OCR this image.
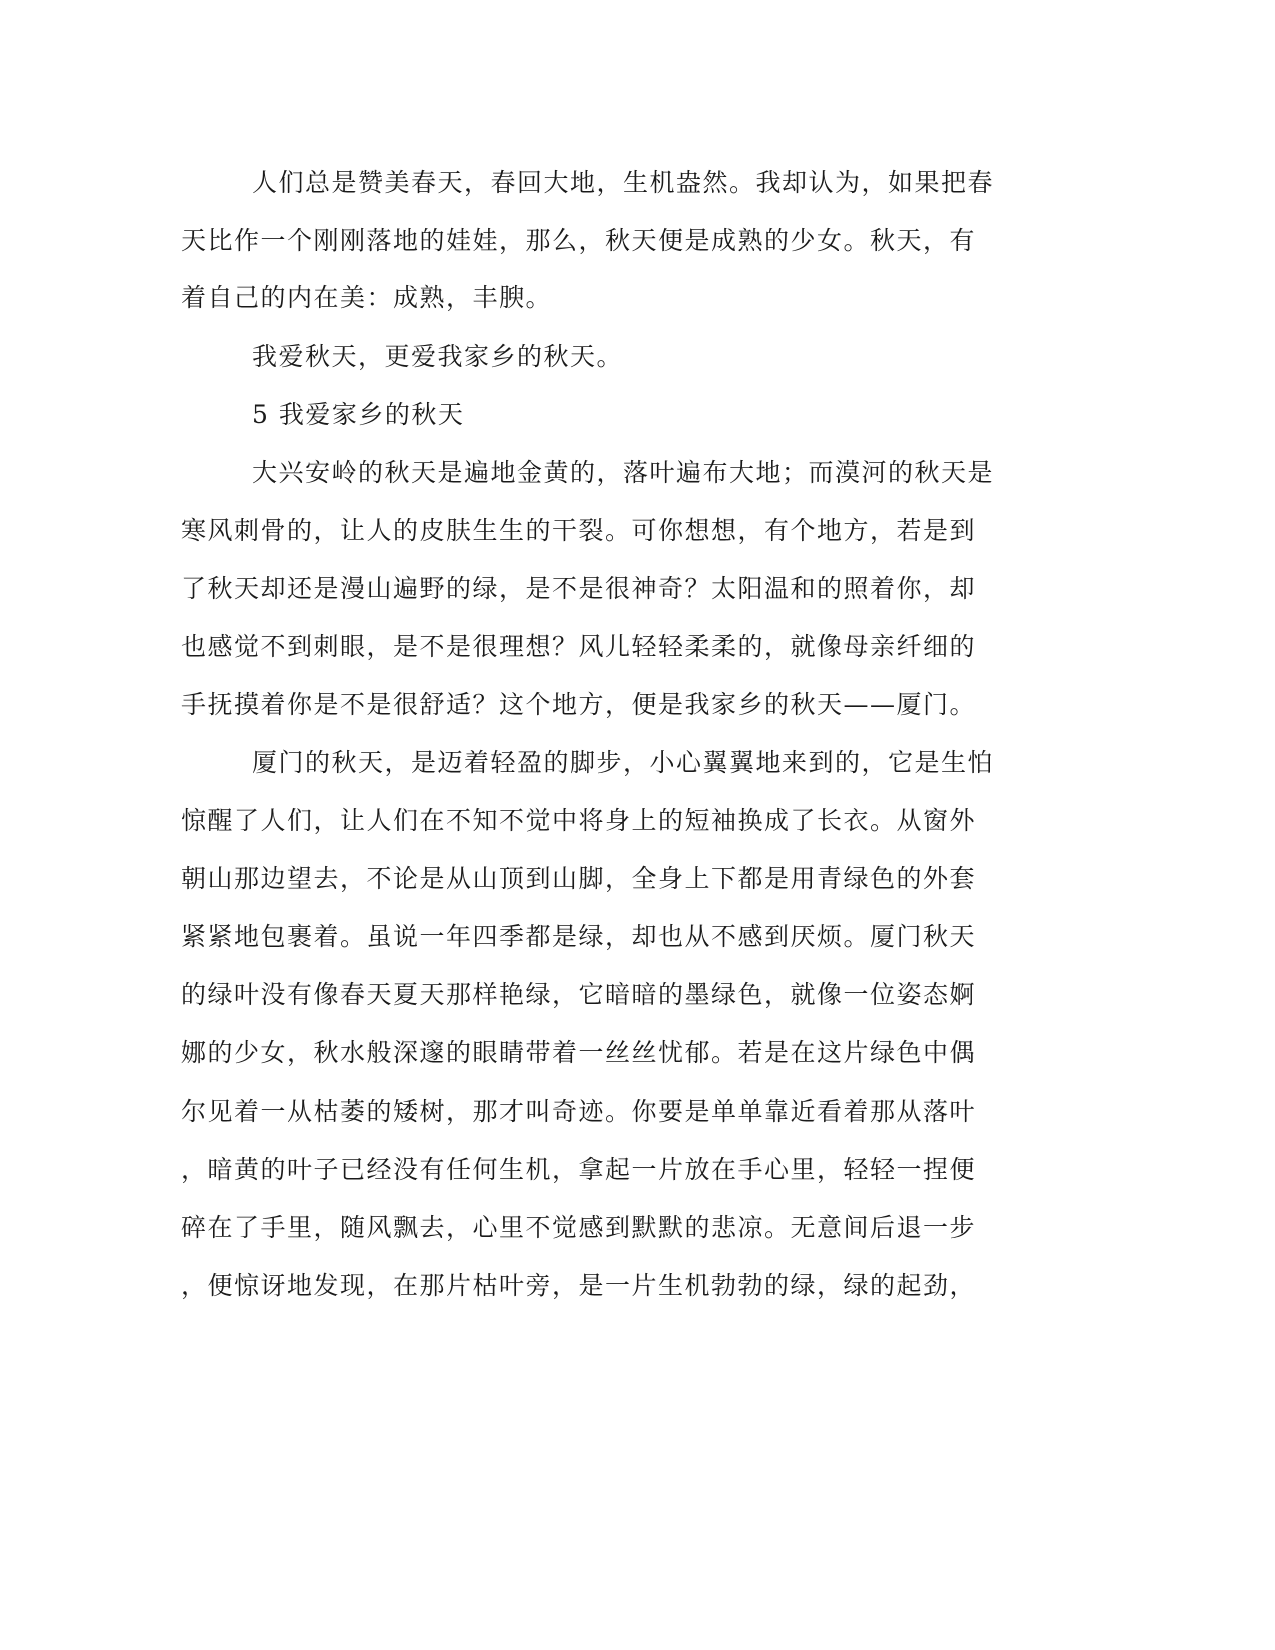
人们总是赞美春天，春回大地，生机盎然。我却认为，如果把春
天比作一个刚刚落地的娃娃，那么，秋天便是成熟的少女。秋天，有
着自己的内在美：成熟，丰腴。
我爱秋天，更爱我家乡的秋天。
5 我爱家乡的秋天
大兴安岭的秋天是遍地金黄的，落叶遍布大地；而漠河的秋天是
寒风刺骨的，让人的皮肤生生的干裂。可你想想，有个地方，若是到
了秋天却还是漫山遍野的绿，是不是很神奇？太阳温和的照着你，却
也感觉不到刺眼，是不是很理想？风儿轻轻柔柔的，就像母亲纤细的
手抚摸着你是不是很舒适？这个地方，便是我家乡的秋天——厦门。
厦门的秋天，是迈着轻盈的脚步，小心翼翼地来到的，它是生怕
惊醒了人们，让人们在不知不觉中将身上的短袖换成了长衣。从窗外
朝山那边望去，不论是从山顶到山脚，全身上下都是用青绿色的外套
紧紧地包裹着。虽说一年四季都是绿，却也从不感到厌烦。厦门秋天
的绿叶没有像春天夏天那样艳绿，它暗暗的墨绿色，就像一位姿态婀
娜的少女，秋水般深邃的眼睛带着一丝丝忧郁。若是在这片绿色中偶
尔见着一从枯萎的矮树，那才叫奇迹。你要是单单靠近看着那从落叶
，暗黄的叶子已经没有任何生机，拿起一片放在手心里，轻轻一捏便
碎在了手里，随风飘去，心里不觉感到默默的悲凉。无意间后退一步
，便惊讶地发现，在那片枯叶旁，是一片生机勃勃的绿，绿的起劲，
